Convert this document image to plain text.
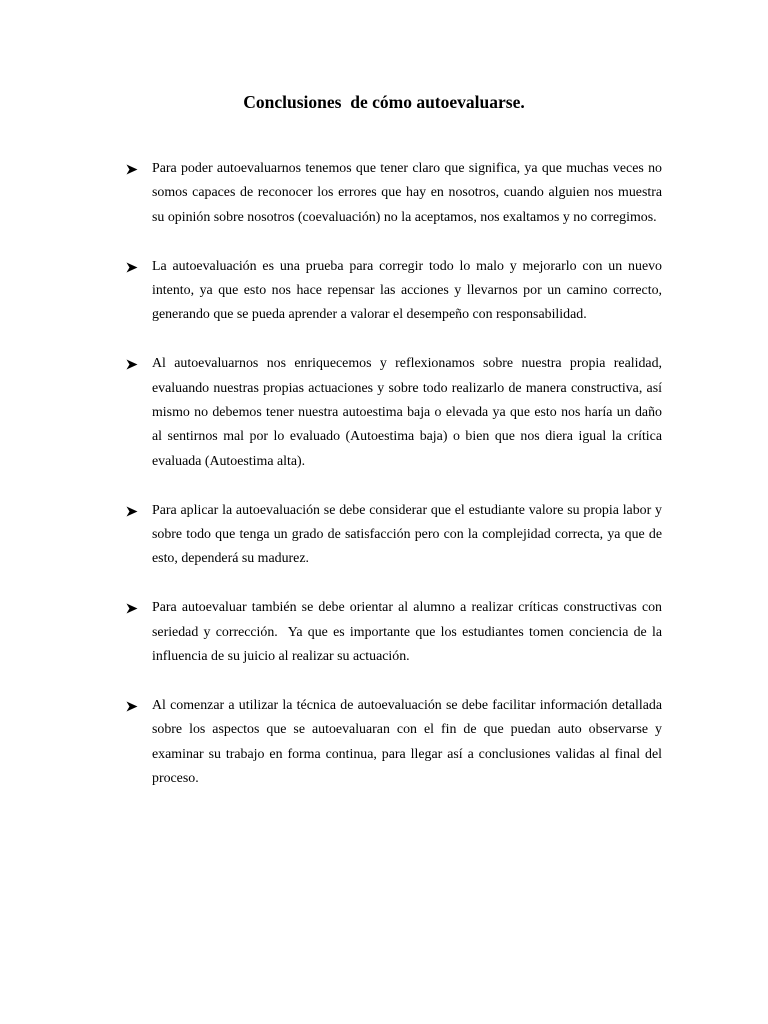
Conclusiones  de cómo autoevaluarse.
Para poder autoevaluarnos tenemos que tener claro que significa, ya que muchas veces no somos capaces de reconocer los errores que hay en nosotros, cuando alguien nos muestra su opinión sobre nosotros (coevaluación) no la aceptamos, nos exaltamos y no corregimos.
La autoevaluación es una prueba para corregir todo lo malo y mejorarlo con un nuevo intento, ya que esto nos hace repensar las acciones y llevarnos por un camino correcto, generando que se pueda aprender a valorar el desempeño con responsabilidad.
Al autoevaluarnos nos enriquecemos y reflexionamos sobre nuestra propia realidad, evaluando nuestras propias actuaciones y sobre todo realizarlo de manera constructiva, así mismo no debemos tener nuestra autoestima baja o elevada ya que esto nos haría un daño al sentirnos mal por lo evaluado (Autoestima baja) o bien que nos diera igual la crítica evaluada (Autoestima alta).
Para aplicar la autoevaluación se debe considerar que el estudiante valore su propia labor y sobre todo que tenga un grado de satisfacción pero con la complejidad correcta, ya que de esto, dependerá su madurez.
Para autoevaluar también se debe orientar al alumno a realizar críticas constructivas con seriedad y corrección.  Ya que es importante que los estudiantes tomen conciencia de la influencia de su juicio al realizar su actuación.
Al comenzar a utilizar la técnica de autoevaluación se debe facilitar información detallada sobre los aspectos que se autoevaluaran con el fin de que puedan auto observarse y examinar su trabajo en forma continua, para llegar así a conclusiones validas al final del proceso.
